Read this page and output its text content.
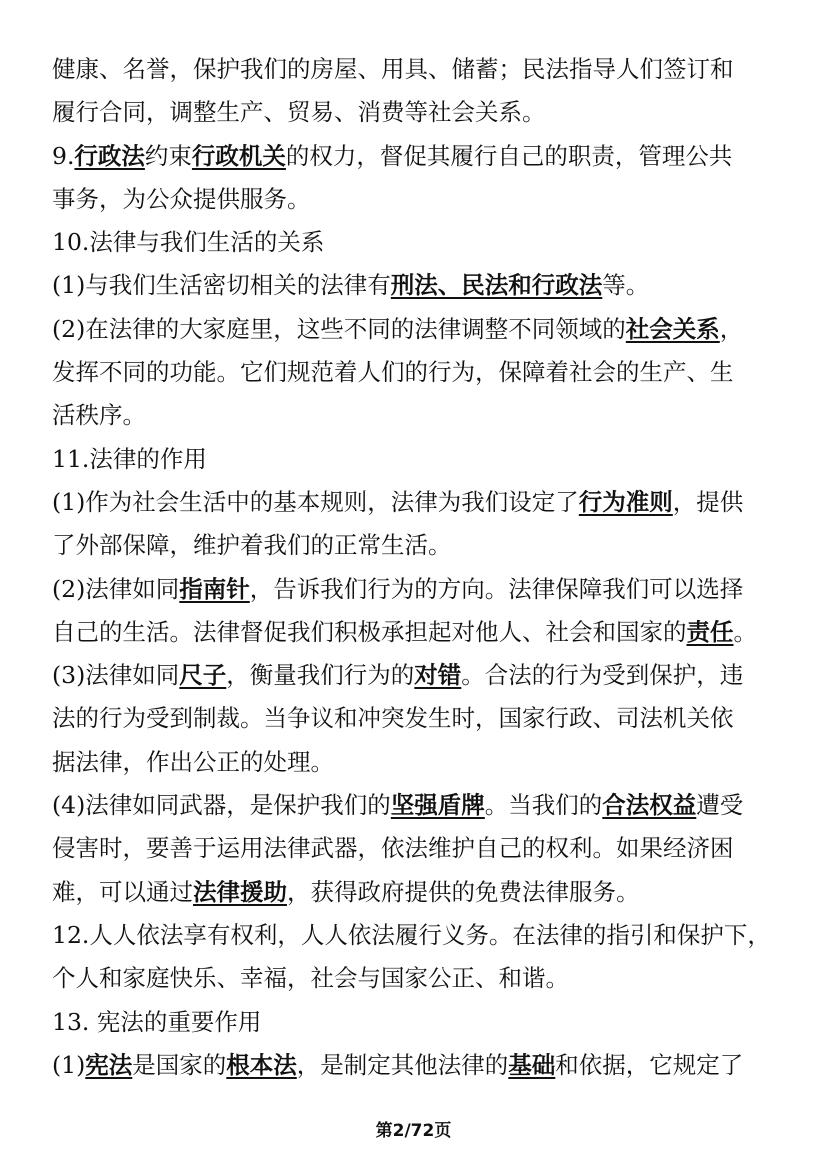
健康、名誉，保护我们的房屋、用具、储蓄；民法指导人们签订和
履行合同，调整生产、贸易、消费等社会关系。
9.行政法约束行政机关的权力，督促其履行自己的职责，管理公共
事务，为公众提供服务。
10.法律与我们生活的关系
(1)与我们生活密切相关的法律有刑法、民法和行政法等。
(2)在法律的大家庭里，这些不同的法律调整不同领域的社会关系，
发挥不同的功能。它们规范着人们的行为，保障着社会的生产、生
活秩序。
11.法律的作用
(1)作为社会生活中的基本规则，法律为我们设定了行为准则，提供
了外部保障，维护着我们的正常生活。
(2)法律如同指南针，告诉我们行为的方向。法律保障我们可以选择
自己的生活。法律督促我们积极承担起对他人、社会和国家的责任。
(3)法律如同尺子，衡量我们行为的对错。合法的行为受到保护，违
法的行为受到制裁。当争议和冲突发生时，国家行政、司法机关依
据法律，作出公正的处理。
(4)法律如同武器，是保护我们的坚强盾牌。当我们的合法权益遭受
侵害时，要善于运用法律武器，依法维护自己的权利。如果经济困
难，可以通过法律援助，获得政府提供的免费法律服务。
12.人人依法享有权利，人人依法履行义务。在法律的指引和保护下，
个人和家庭快乐、幸福，社会与国家公正、和谐。
13. 宪法的重要作用
(1)宪法是国家的根本法，是制定其他法律的基础和依据，它规定了
第2/72页
